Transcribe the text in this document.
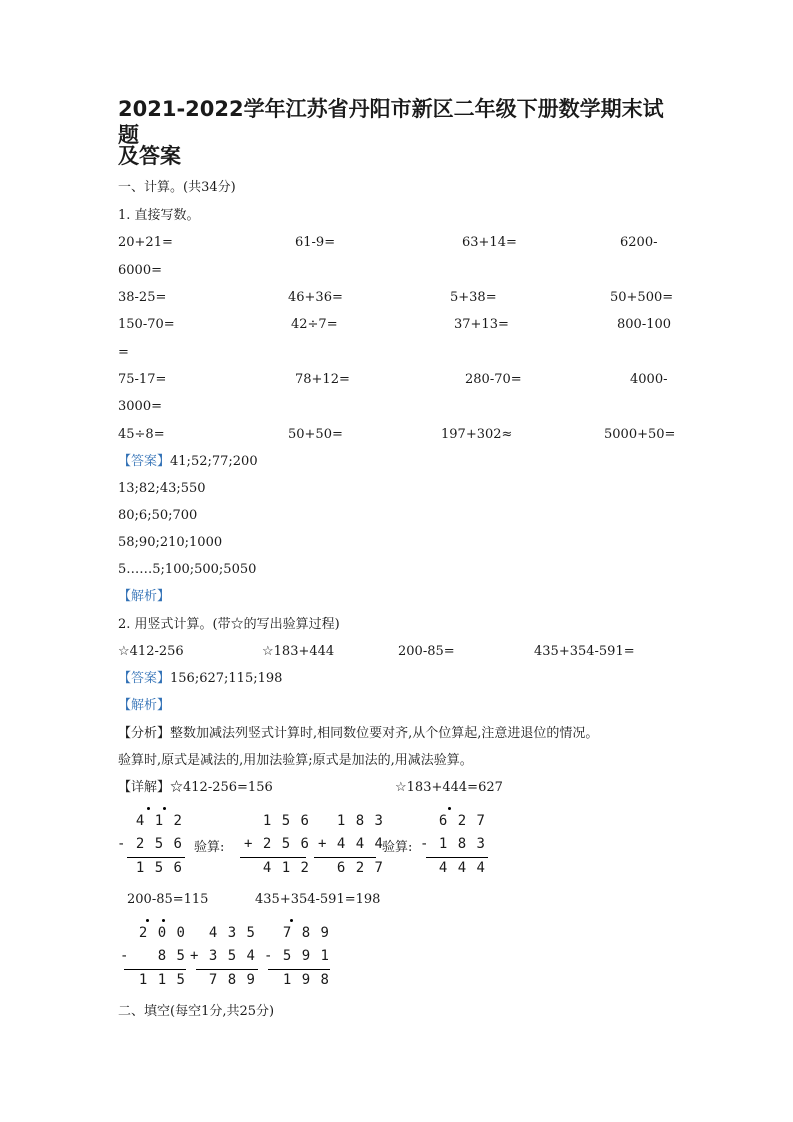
2021-2022学年江苏省丹阳市新区二年级下册数学期末试题
及答案
一、计算。(共34分)
1. 直接写数。
20+21=	61-9=	63+14=	6200-
6000=
38-25=	46+36=	5+38=	50+500=
150-70=	42÷7=	37+13=	800-100
=
75-17=	78+12=	280-70=	4000-
3000=
45÷8=	50+50=	197+302≈	5000+50=
【答案】41;52;77;200
13;82;43;550
80;6;50;700
58;90;210;1000
5……5;100;500;5050
【解析】
2. 用竖式计算。(带☆的写出验算过程)
☆412-256	☆183+444	200-85=	435+354-591=
【答案】156;627;115;198
【解析】
【分析】整数加减法列竖式计算时,相同数位要对齐,从个位算起,注意进退位的情况。
验算时,原式是减法的,用加法验算;原式是加法的,用减法验算。
【详解】☆412-256=156	☆183+444=627
4 1 2
- 2 5 6
1 5 6
验算:
1 5 6
+ 2 5 6
4 1 2
1 8 3
+ 4 4 4
6 2 7
验算:
6 2 7
- 1 8 3
4 4 4
200-85=115	435+354-591=198
2 0 0
-   8 5
1 1 5
4 3 5
+ 3 5 4
7 8 9
7 8 9
- 5 9 1
1 9 8
二、填空(每空1分,共25分)
